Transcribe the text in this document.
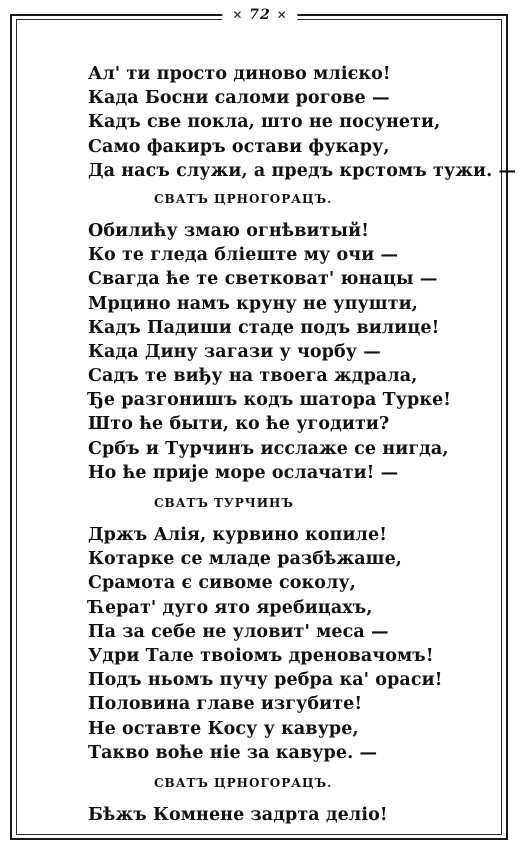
✕ 72 ✕
Ал' ти просто диново млієко!
Када Босни саломи рогове —
Кадъ све покла, што не посунети,
Само факиръ остави фукару,
Да насъ служи, а предъ крстомъ тужи. —
СВАТЪ ЦРНОГОРАЦЪ.
Обилићу змаю огнѣвитый!
Ко те гледа бліеште му очи —
Свагда ће те светковат' юнацы —
Мрцино намъ круну не упушти,
Кадъ Падиши стаде подъ вилице!
Када Дину загази у чорбу —
Садъ те виђу на твоега ждрала,
Ђе разгонишъ кодъ шатора Турке!
Што ће быти, ко ће угодити?
Србъ и Турчинъ исслаже се нигда,
Но ће прије море ослачати! —
СВАТЪ ТУРЧИНЪ
Држъ Алія, курвино копиле!
Котарке се младе разбѣжаше,
Срамота є сивоме соколу,
Ћерат' дуго ято яребицахъ,
Па за себе не уловит' меса —
Удри Тале твоіомъ дреновачомъ!
Подъ ньомъ пучу ребра ка' ораси!
Половина главе изгубите!
Не оставте Косу у кавуре,
Такво воће ніе за кавуре. —
СВАТЪ ЦРНОГОРАЦЪ.
Бѣжъ Комнене задрта деліо!
